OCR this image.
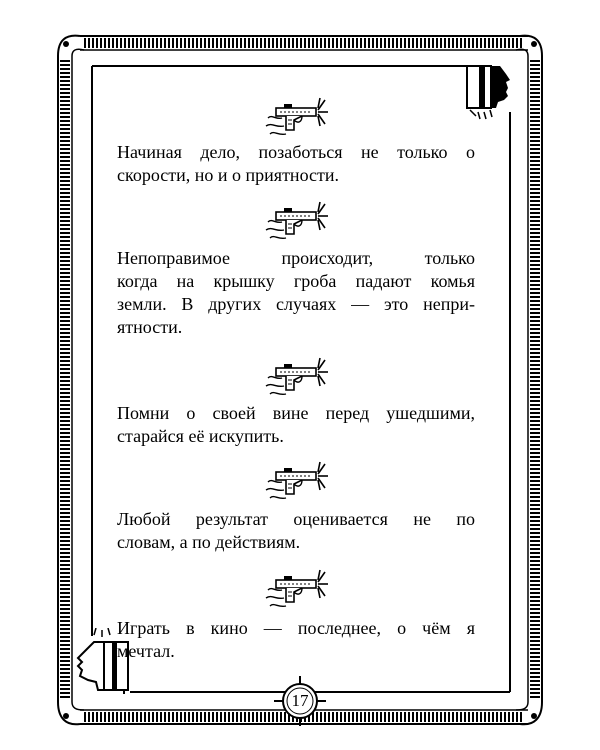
17
Начиная дело, позаботься не только о
скорости, но и о приятности.
Непоправимое происходит, только
когда на крышку гроба падают комья
земли. В других случаях — это непри-
ятности.
Помни о своей вине перед ушедшими,
старайся её искупить.
Любой результат оценивается не по
словам, а по действиям.
Играть в кино — последнее, о чём я
мечтал.
